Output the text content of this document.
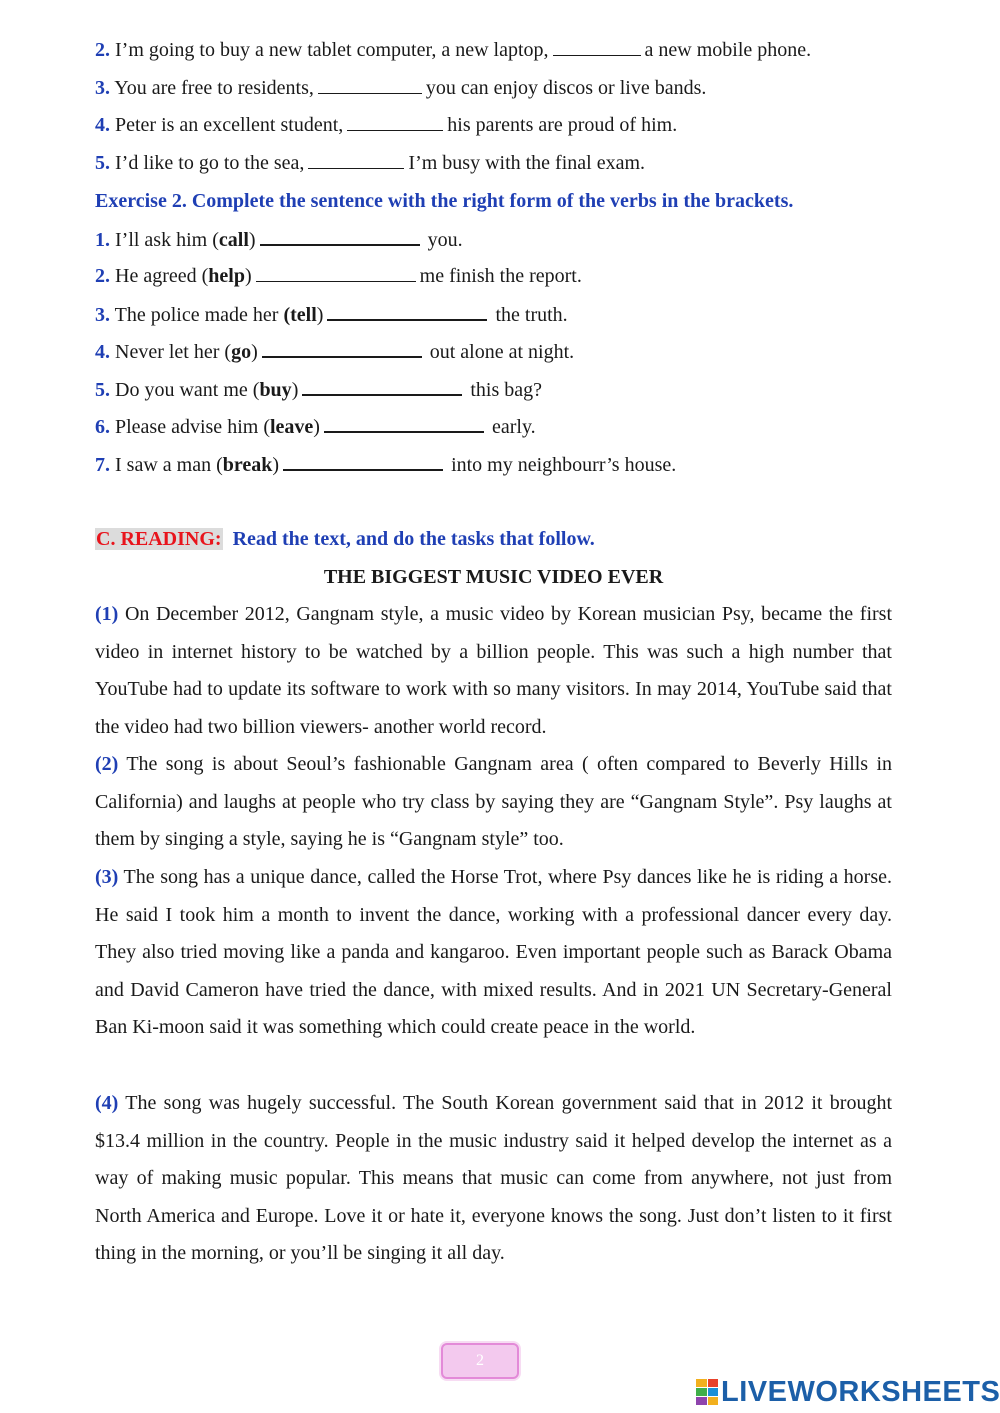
2. I’m going to buy a new tablet computer, a new laptop,	a new mobile phone.
3. You are free to residents,	you can enjoy discos or live bands.
4. Peter is an excellent student,	his parents are proud of him.
5. I’d like to go to the sea,	I’m busy with the final exam.
Exercise 2. Complete the sentence with the right form of the verbs in the brackets.
1. I’ll ask him (call)	you.
2. He agreed (help)	me finish the report.
3. The police made her (tell)	the truth.
4. Never let her (go)	out alone at night.
5. Do you want me (buy)	this bag?
6. Please advise him (leave)	early.
7. I saw a man (break)	into my neighbourr’s house.
C. READING: Read the text, and do the tasks that follow.
THE BIGGEST MUSIC VIDEO EVER
(1) On December 2012, Gangnam style, a music video by Korean musician Psy, became the first video in internet history to be watched by a billion people. This was such a high number that YouTube had to update its software to work with so many visitors. In may 2014, YouTube said that the video had two billion viewers- another world record.
(2) The song is about Seoul’s fashionable Gangnam area ( often compared to Beverly Hills in California) and laughs at people who try class by saying they are “Gangnam Style”. Psy laughs at them by singing a style, saying he is “Gangnam style” too.
(3) The song has a unique dance, called the Horse Trot, where Psy dances like he is riding a horse. He said I took him a month to invent the dance, working with a professional dancer every day. They also tried moving like a panda and kangaroo. Even important people such as Barack Obama and David Cameron have tried the dance, with mixed results. And in 2021 UN Secretary-General Ban Ki-moon said it was something which could create peace in the world.
(4) The song was hugely successful. The South Korean government said that in 2012 it brought $13.4 million in the country. People in the music industry said it helped develop the internet as a way of making music popular. This means that music can come from anywhere, not just from North America and Europe. Love it or hate it, everyone knows the song. Just don’t listen to it first thing in the morning, or you’ll be singing it all day.
2
LIVEWORKSHEETS
